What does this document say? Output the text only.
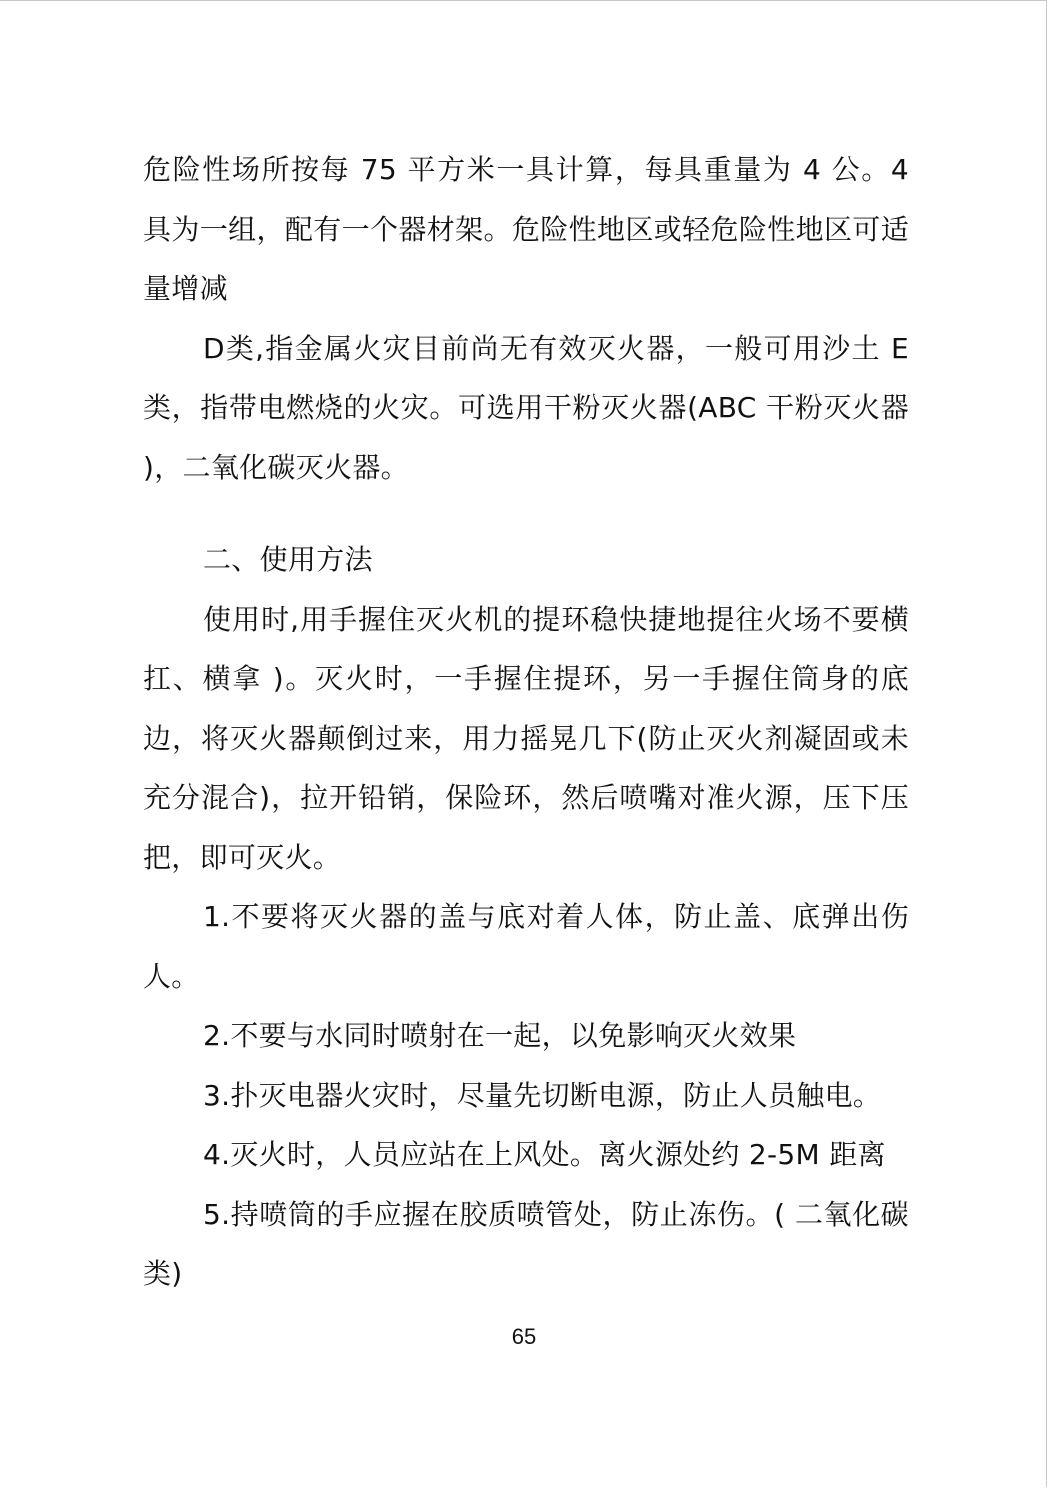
危险性场所按每 75 平方米一具计算，每具重量为 4 公。4 具为一组，配有一个器材架。危险性地区或轻危险性地区可适量增减

D类,指金属火灾目前尚无有效灭火器，一般可用沙土 E 类，指带电燃烧的火灾。可选用干粉灭火器(ABC 干粉灭火器 )，二氧化碳灭火器。

二、使用方法

使用时,用手握住灭火机的提环稳快捷地提往火场不要横扛、横拿 )。灭火时，一手握住提环，另一手握住筒身的底边，将灭火器颠倒过来，用力摇晃几下(防止灭火剂凝固或未充分混合)，拉开铅销，保险环，然后喷嘴对准火源，压下压把，即可灭火。

1.不要将灭火器的盖与底对着人体，防止盖、底弹出伤人。

2.不要与水同时喷射在一起，以免影响灭火效果

3.扑灭电器火灾时，尽量先切断电源，防止人员触电。

4.灭火时，人员应站在上风处。离火源处约 2-5M 距离

5.持喷筒的手应握在胶质喷管处，防止冻伤。( 二氧化碳类)

65
